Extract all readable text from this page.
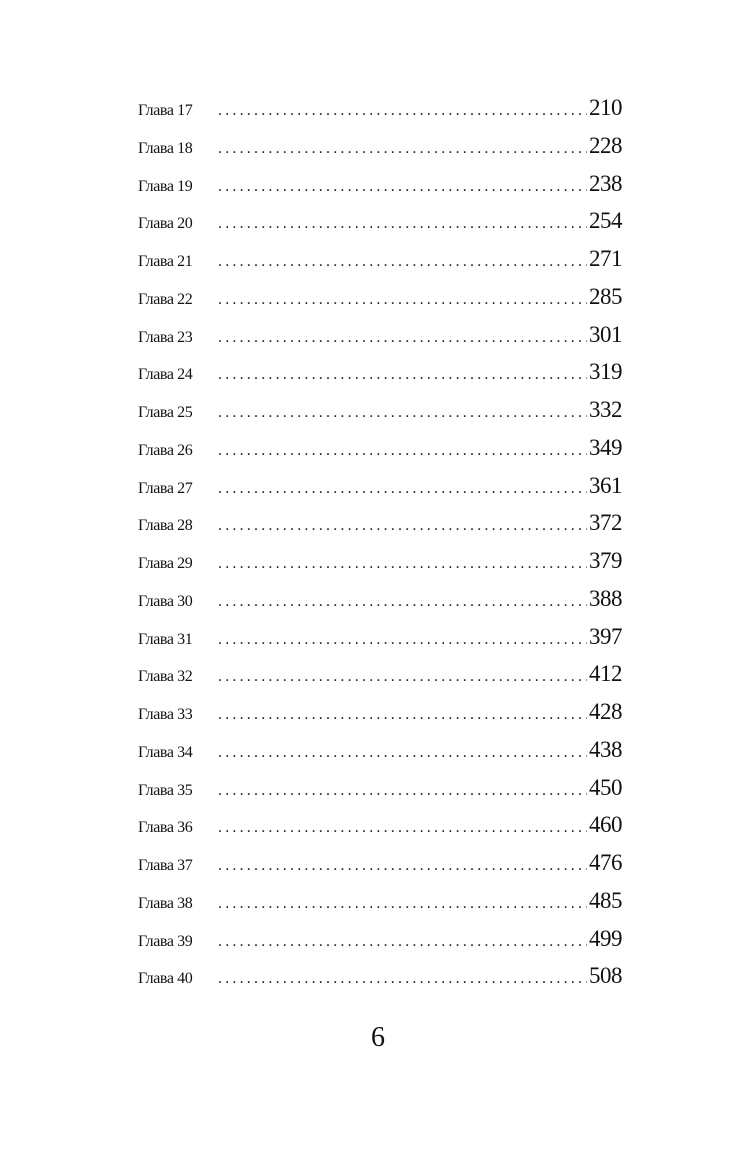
Глава 17 .....	210
Глава 18 .....	228
Глава 19 .....	238
Глава 20 .....	254
Глава 21 .....	271
Глава 22 .....	285
Глава 23 .....	301
Глава 24 .....	319
Глава 25 .....	332
Глава 26 .....	349
Глава 27 .....	361
Глава 28 .....	372
Глава 29 .....	379
Глава 30 .....	388
Глава 31 .....	397
Глава 32 .....	412
Глава 33 .....	428
Глава 34 .....	438
Глава 35 .....	450
Глава 36 .....	460
Глава 37 .....	476
Глава 38 .....	485
Глава 39 .....	499
Глава 40 .....	508
6
